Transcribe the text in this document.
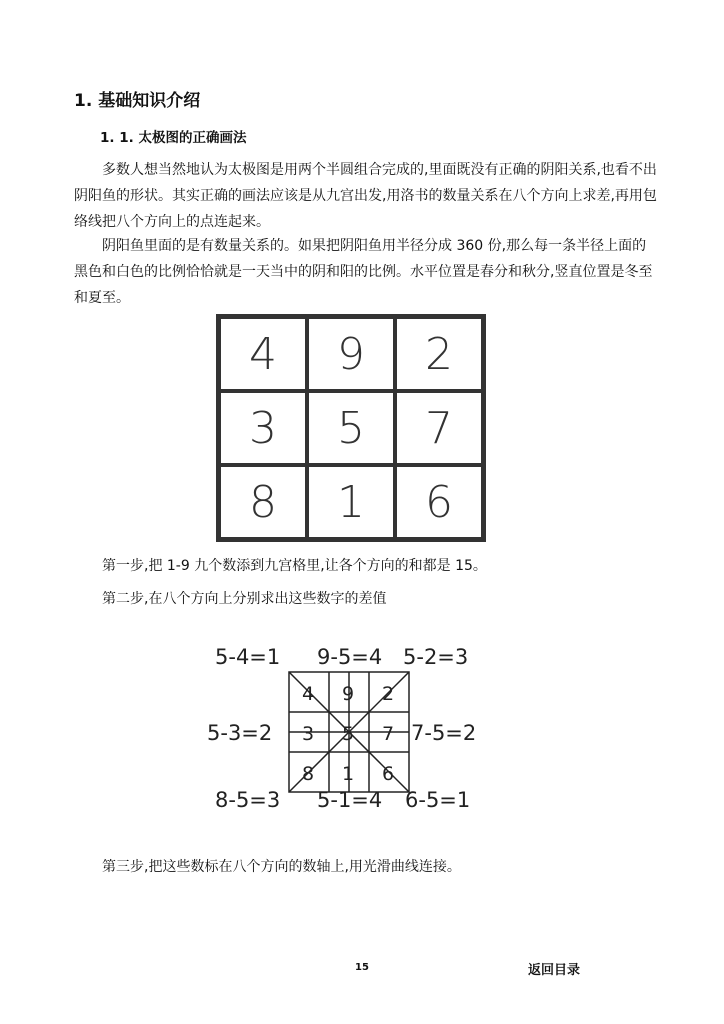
1. 基础知识介绍
1. 1. 太极图的正确画法

多数人想当然地认为太极图是用两个半圆组合完成的,里面既没有正确的阴阳关系,也看不出阴阳鱼的形状。其实正确的画法应该是从九宫出发,用洛书的数量关系在八个方向上求差,再用包络线把八个方向上的点连起来。

阴阳鱼里面的是有数量关系的。如果把阴阳鱼用半径分成 360 份,那么每一条半径上面的黑色和白色的比例恰恰就是一天当中的阴和阳的比例。水平位置是春分和秋分,竖直位置是冬至和夏至。

4	9	2
3	5	7
8	1	6
第一步,把 1-9 九个数添到九宫格里,让各个方向的和都是 15。
第二步,在八个方向上分别求出这些数字的差值
5-4=1 9-5=4 5-2=3
5-3=2	7-5=2
8-5=3 5-1=4 6-5=1
4 9 2
3 5 7
8 1 6
第三步,把这些数标在八个方向的数轴上,用光滑曲线连接。
15	返回目录
